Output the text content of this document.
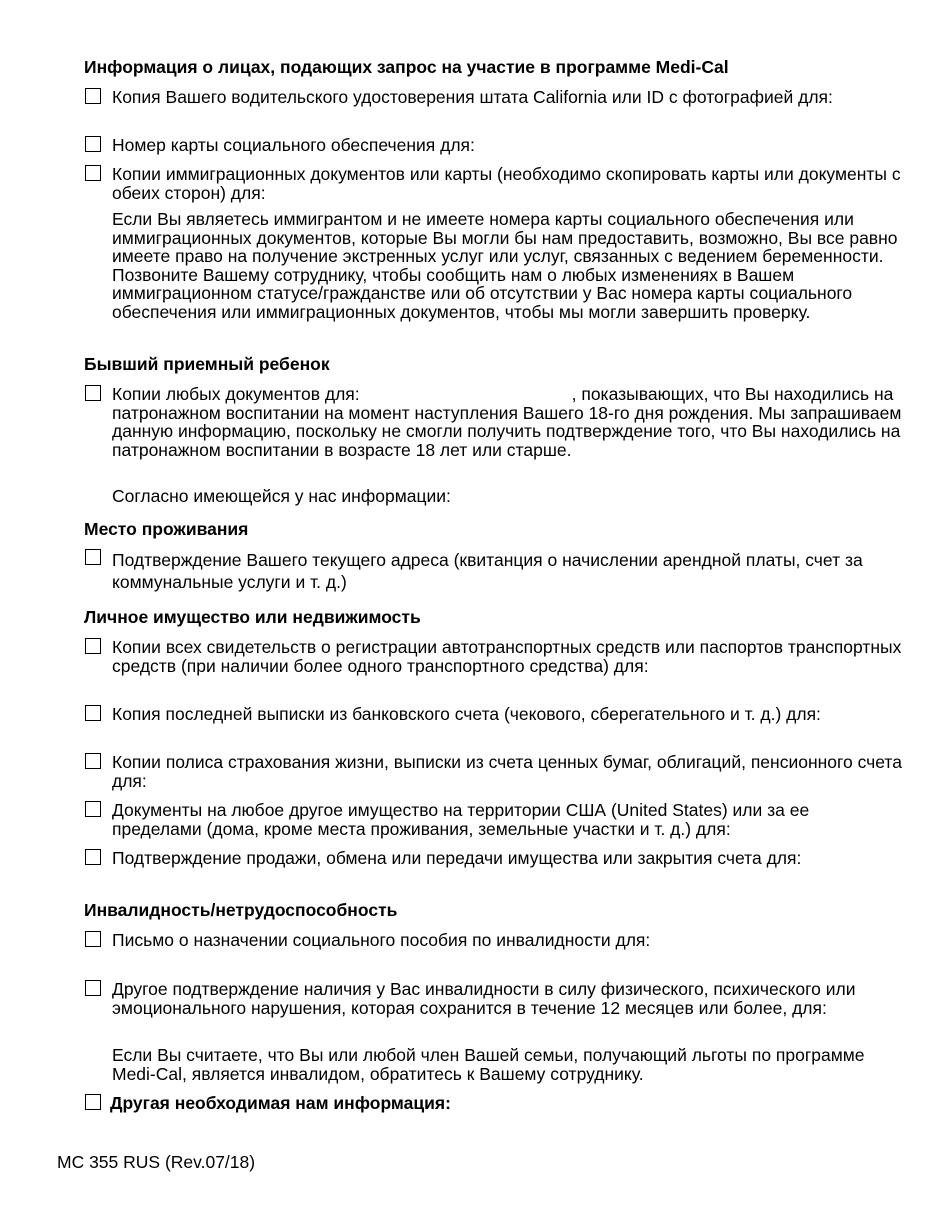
Информация о лицах, подающих запрос на участие в программе Medi-Cal
Копия Вашего водительского удостоверения штата California или ID с фотографией для:
Номер карты социального обеспечения для:
Копии иммиграционных документов или карты (необходимо скопировать карты или документы с обеих сторон) для:
Если Вы являетесь иммигрантом и не имеете номера карты социального обеспечения или иммиграционных документов, которые Вы могли бы нам предоставить, возможно, Вы все равно имеете право на получение экстренных услуг или услуг, связанных с ведением беременности. Позвоните Вашему сотруднику, чтобы сообщить нам о любых изменениях в Вашем иммиграционном статусе/гражданстве или об отсутствии у Вас номера карты социального обеспечения или иммиграционных документов, чтобы мы могли завершить проверку.
Бывший приемный ребенок
Копии любых документов для:	, показывающих, что Вы находились на патронажном воспитании на момент наступления Вашего 18-го дня рождения. Мы запрашиваем данную информацию, поскольку не смогли получить подтверждение того, что Вы находились на патронажном воспитании в возрасте 18 лет или старше.
Согласно имеющейся у нас информации:
Место проживания
Подтверждение Вашего текущего адреса (квитанция о начислении арендной платы, счет за коммунальные услуги и т. д.)
Личное имущество или недвижимость
Копии всех свидетельств о регистрации автотранспортных средств или паспортов транспортных средств (при наличии более одного транспортного средства) для:
Копия последней выписки из банковского счета (чекового, сберегательного и т. д.) для:
Копии полиса страхования жизни, выписки из счета ценных бумаг, облигаций, пенсионного счета для:
Документы на любое другое имущество на территории США (United States) или за ее пределами (дома, кроме места проживания, земельные участки и т. д.) для:
Подтверждение продажи, обмена или передачи имущества или закрытия счета для:
Инвалидность/нетрудоспособность
Письмо о назначении социального пособия по инвалидности для:
Другое подтверждение наличия у Вас инвалидности в силу физического, психического или эмоционального нарушения, которая сохранится в течение 12 месяцев или более, для:
Если Вы считаете, что Вы или любой член Вашей семьи, получающий льготы по программе Medi-Cal, является инвалидом, обратитесь к Вашему сотруднику.
Другая необходимая нам информация:
MC 355 RUS (Rev.07/18)
